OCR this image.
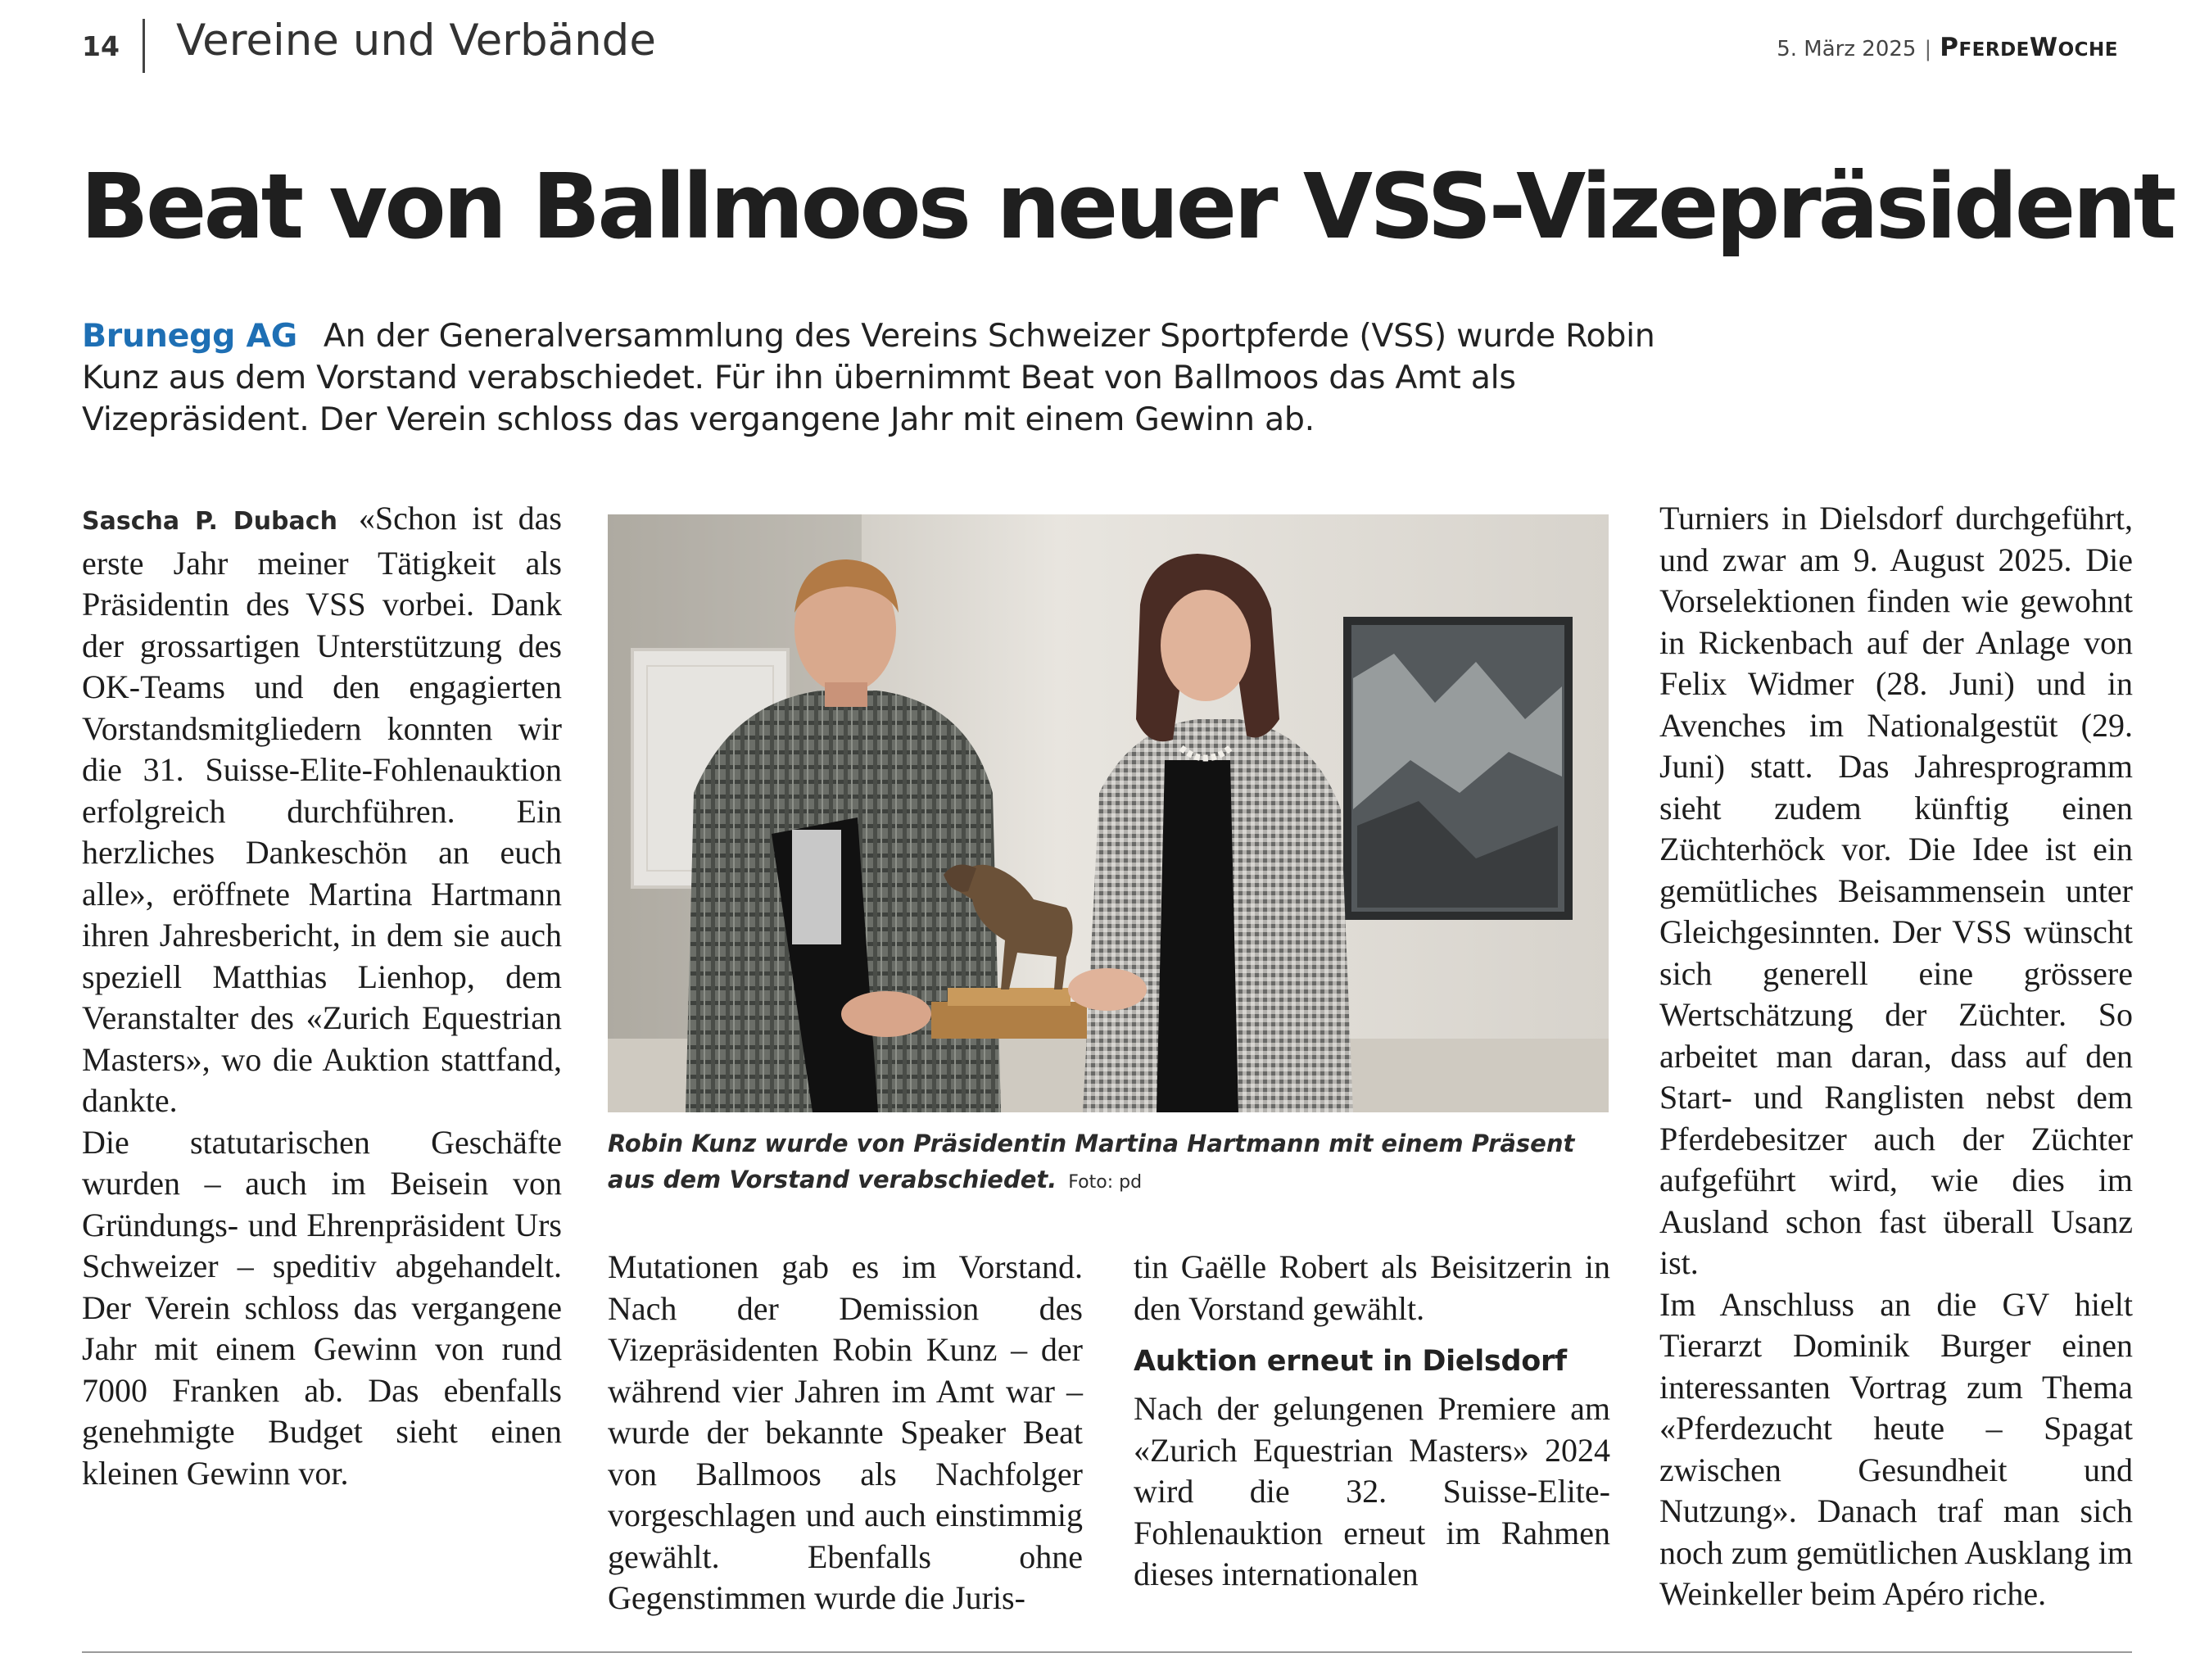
14 Vereine und Verbände	5. März 2025 | PFERDEWOCHE
Beat von Ballmoos neuer VSS-Vizepräsident
Brunegg AG An der Generalversammlung des Vereins Schweizer Sportpferde (VSS) wurde Robin Kunz aus dem Vorstand verabschiedet. Für ihn übernimmt Beat von Ballmoos das Amt als Vizepräsident. Der Verein schloss das vergangene Jahr mit einem Gewinn ab.

Sascha P. Dubach «Schon ist das erste Jahr meiner Tätigkeit als Präsidentin des VSS vorbei. Dank der grossartigen Unterstützung des OK-Teams und den engagierten Vorstandsmitgliedern konnten wir die 31. Suisse-Elite-Fohlenauktion erfolgreich durchführen. Ein herzliches Dankeschön an euch alle», eröffnete Martina Hartmann ihren Jahresbericht, in dem sie auch speziell Matthias Lienhop, dem Veranstalter des «Zurich Equestrian Masters», wo die Auktion stattfand, dankte.

Die statutarischen Geschäfte wurden – auch im Beisein von Gründungs- und Ehrenpräsident Urs Schweizer – speditiv abgehandelt. Der Verein schloss das vergangene Jahr mit einem Gewinn von rund 7000 Franken ab. Das ebenfalls genehmigte Budget sieht einen kleinen Gewinn vor.

Robin Kunz wurde von Präsidentin Martina Hartmann mit einem Präsent aus dem Vorstand verabschiedet. Foto: pd

Mutationen gab es im Vorstand. Nach der Demission des Vizepräsidenten Robin Kunz – der während vier Jahren im Amt war – wurde der bekannte Speaker Beat von Ballmoos als Nachfolger vorgeschlagen und auch einstimmig gewählt. Ebenfalls ohne Gegenstimmen wurde die Juris-

tin Gaëlle Robert als Beisitzerin in den Vorstand gewählt.

Auktion erneut in Dielsdorf

Nach der gelungenen Premiere am «Zurich Equestrian Masters» 2024 wird die 32. Suisse-Elite-Fohlenauktion erneut im Rahmen dieses internationalen

Turniers in Dielsdorf durchgeführt, und zwar am 9. August 2025. Die Vorselektionen finden wie gewohnt in Rickenbach auf der Anlage von Felix Widmer (28. Juni) und in Avenches im Nationalgestüt (29. Juni) statt. Das Jahresprogramm sieht zudem künftig einen Züchterhöck vor. Die Idee ist ein gemütliches Beisammensein unter Gleichgesinnten. Der VSS wünscht sich generell eine grössere Wertschätzung der Züchter. So arbeitet man daran, dass auf den Start- und Ranglisten nebst dem Pferdebesitzer auch der Züchter aufgeführt wird, wie dies im Ausland schon fast überall Usanz ist.

Im Anschluss an die GV hielt Tierarzt Dominik Burger einen interessanten Vortrag zum Thema «Pferdezucht heute – Spagat zwischen Gesundheit und Nutzung». Danach traf man sich noch zum gemütlichen Ausklang im Weinkeller beim Apéro riche.
